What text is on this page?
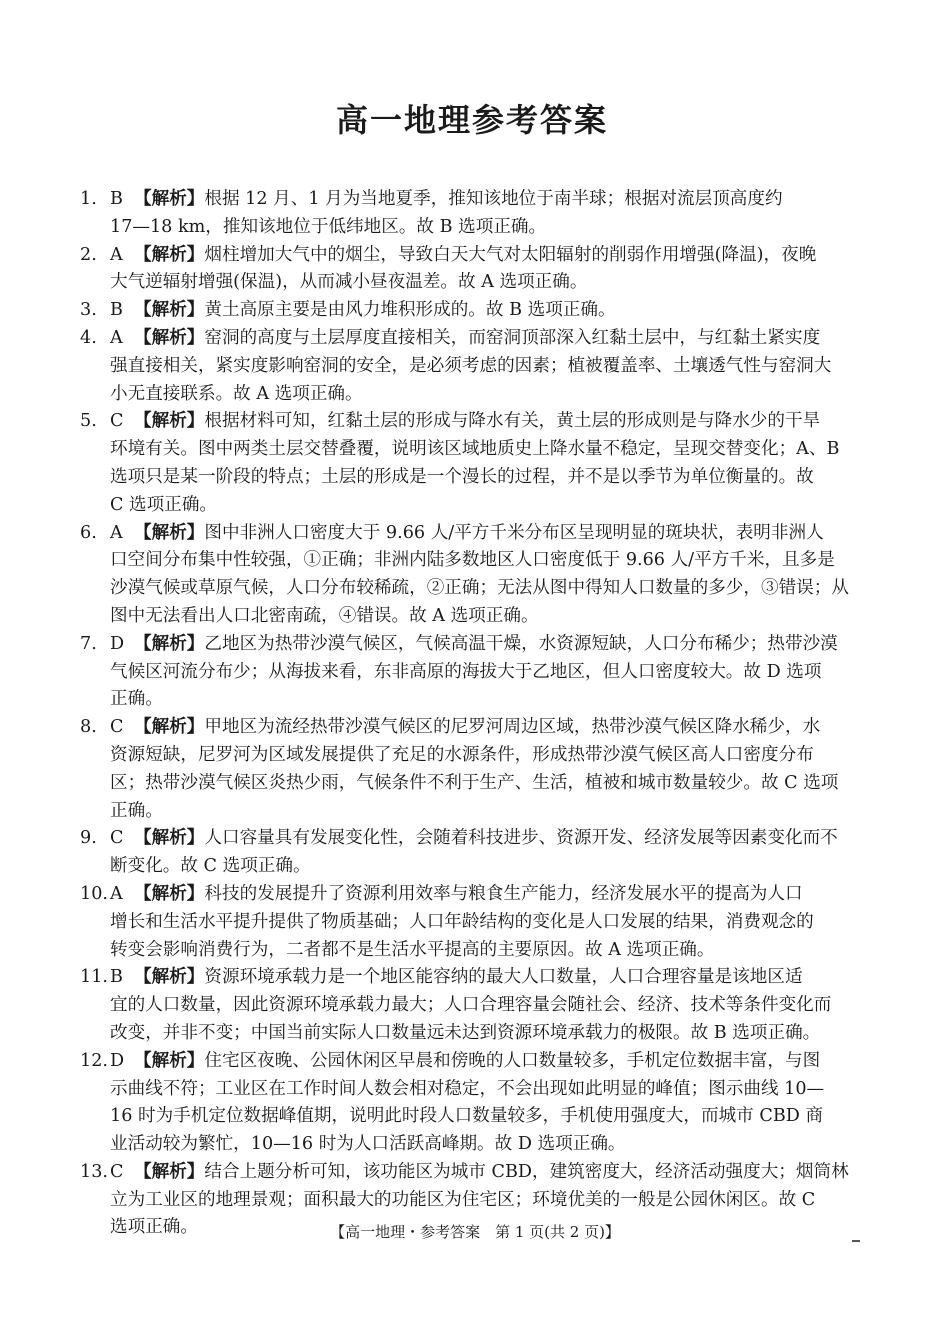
高一地理参考答案
1. B 【解析】根据 12 月、1 月为当地夏季，推知该地位于南半球；根据对流层顶高度约
17—18 km，推知该地位于低纬地区。故 B 选项正确。
2. A 【解析】烟柱增加大气中的烟尘，导致白天大气对太阳辐射的削弱作用增强(降温)，夜晚
大气逆辐射增强(保温)，从而减小昼夜温差。故 A 选项正确。
3. B 【解析】黄土高原主要是由风力堆积形成的。故 B 选项正确。
4. A 【解析】窑洞的高度与土层厚度直接相关，而窑洞顶部深入红黏土层中，与红黏土紧实度
强直接相关，紧实度影响窑洞的安全，是必须考虑的因素；植被覆盖率、土壤透气性与窑洞大
小无直接联系。故 A 选项正确。
5. C 【解析】根据材料可知，红黏土层的形成与降水有关，黄土层的形成则是与降水少的干旱
环境有关。图中两类土层交替叠覆，说明该区域地质史上降水量不稳定，呈现交替变化；A、B
选项只是某一阶段的特点；土层的形成是一个漫长的过程，并不是以季节为单位衡量的。故
C 选项正确。
6. A 【解析】图中非洲人口密度大于 9.66 人/平方千米分布区呈现明显的斑块状，表明非洲人
口空间分布集中性较强，①正确；非洲内陆多数地区人口密度低于 9.66 人/平方千米，且多是
沙漠气候或草原气候，人口分布较稀疏，②正确；无法从图中得知人口数量的多少，③错误；从
图中无法看出人口北密南疏，④错误。故 A 选项正确。
7. D 【解析】乙地区为热带沙漠气候区，气候高温干燥，水资源短缺，人口分布稀少；热带沙漠
气候区河流分布少；从海拔来看，东非高原的海拔大于乙地区，但人口密度较大。故 D 选项
正确。
8. C 【解析】甲地区为流经热带沙漠气候区的尼罗河周边区域，热带沙漠气候区降水稀少，水
资源短缺，尼罗河为区域发展提供了充足的水源条件，形成热带沙漠气候区高人口密度分布
区；热带沙漠气候区炎热少雨，气候条件不利于生产、生活，植被和城市数量较少。故 C 选项
正确。
9. C 【解析】人口容量具有发展变化性，会随着科技进步、资源开发、经济发展等因素变化而不
断变化。故 C 选项正确。
10. A 【解析】科技的发展提升了资源利用效率与粮食生产能力，经济发展水平的提高为人口
增长和生活水平提升提供了物质基础；人口年龄结构的变化是人口发展的结果，消费观念的
转变会影响消费行为，二者都不是生活水平提高的主要原因。故 A 选项正确。
11. B 【解析】资源环境承载力是一个地区能容纳的最大人口数量，人口合理容量是该地区适
宜的人口数量，因此资源环境承载力最大；人口合理容量会随社会、经济、技术等条件变化而
改变，并非不变；中国当前实际人口数量远未达到资源环境承载力的极限。故 B 选项正确。
12. D 【解析】住宅区夜晚、公园休闲区早晨和傍晚的人口数量较多，手机定位数据丰富，与图
示曲线不符；工业区在工作时间人数会相对稳定，不会出现如此明显的峰值；图示曲线 10—
16 时为手机定位数据峰值期，说明此时段人口数量较多，手机使用强度大，而城市 CBD 商
业活动较为繁忙，10—16 时为人口活跃高峰期。故 D 选项正确。
13. C 【解析】结合上题分析可知，该功能区为城市 CBD，建筑密度大，经济活动强度大；烟筒林
立为工业区的地理景观；面积最大的功能区为住宅区；环境优美的一般是公园休闲区。故 C
选项正确。	【高一地理・参考答案　第 1 页(共 2 页)】
